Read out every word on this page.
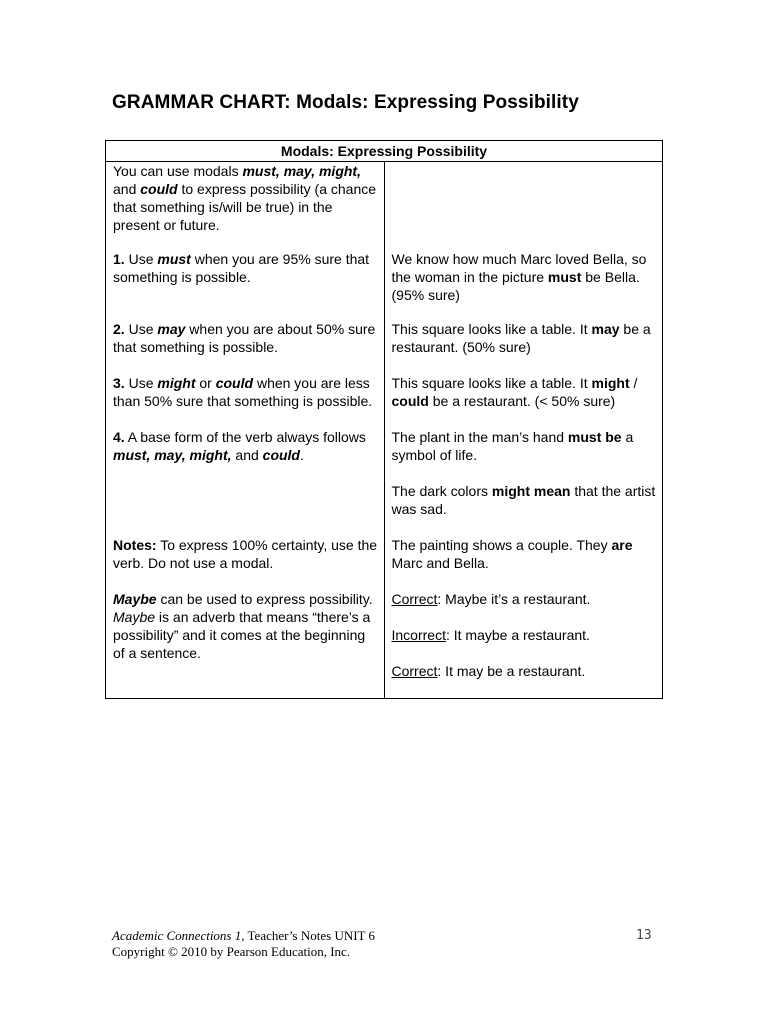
GRAMMAR CHART: Modals: Expressing Possibility
Modals: Expressing Possibility	

You can use modals must, may, might, and could to express possibility (a chance that something is/will be true) in the present or future.	

1. Use must when you are 95% sure that something is possible.	We know how much Marc loved Bella, so the woman in the picture must be Bella. (95% sure)

2. Use may when you are about 50% sure that something is possible.	This square looks like a table. It may be a restaurant. (50% sure)

3. Use might or could when you are less than 50% sure that something is possible.	This square looks like a table. It might / could be a restaurant. (< 50% sure)

4. A base form of the verb always follows must, may, might, and could.	The plant in the man’s hand must be a symbol of life.

The dark colors might mean that the artist was sad.

Notes: To express 100% certainty, use the verb. Do not use a modal.	The painting shows a couple. They are Marc and Bella.

Maybe can be used to express possibility. Maybe is an adverb that means “there’s a possibility” and it comes at the beginning of a sentence.	Correct: Maybe it’s a restaurant.

Incorrect: It maybe a restaurant.

Correct: It may be a restaurant.

Academic Connections 1, Teacher’s Notes UNIT 6
Copyright © 2010 by Pearson Education, Inc.
13
